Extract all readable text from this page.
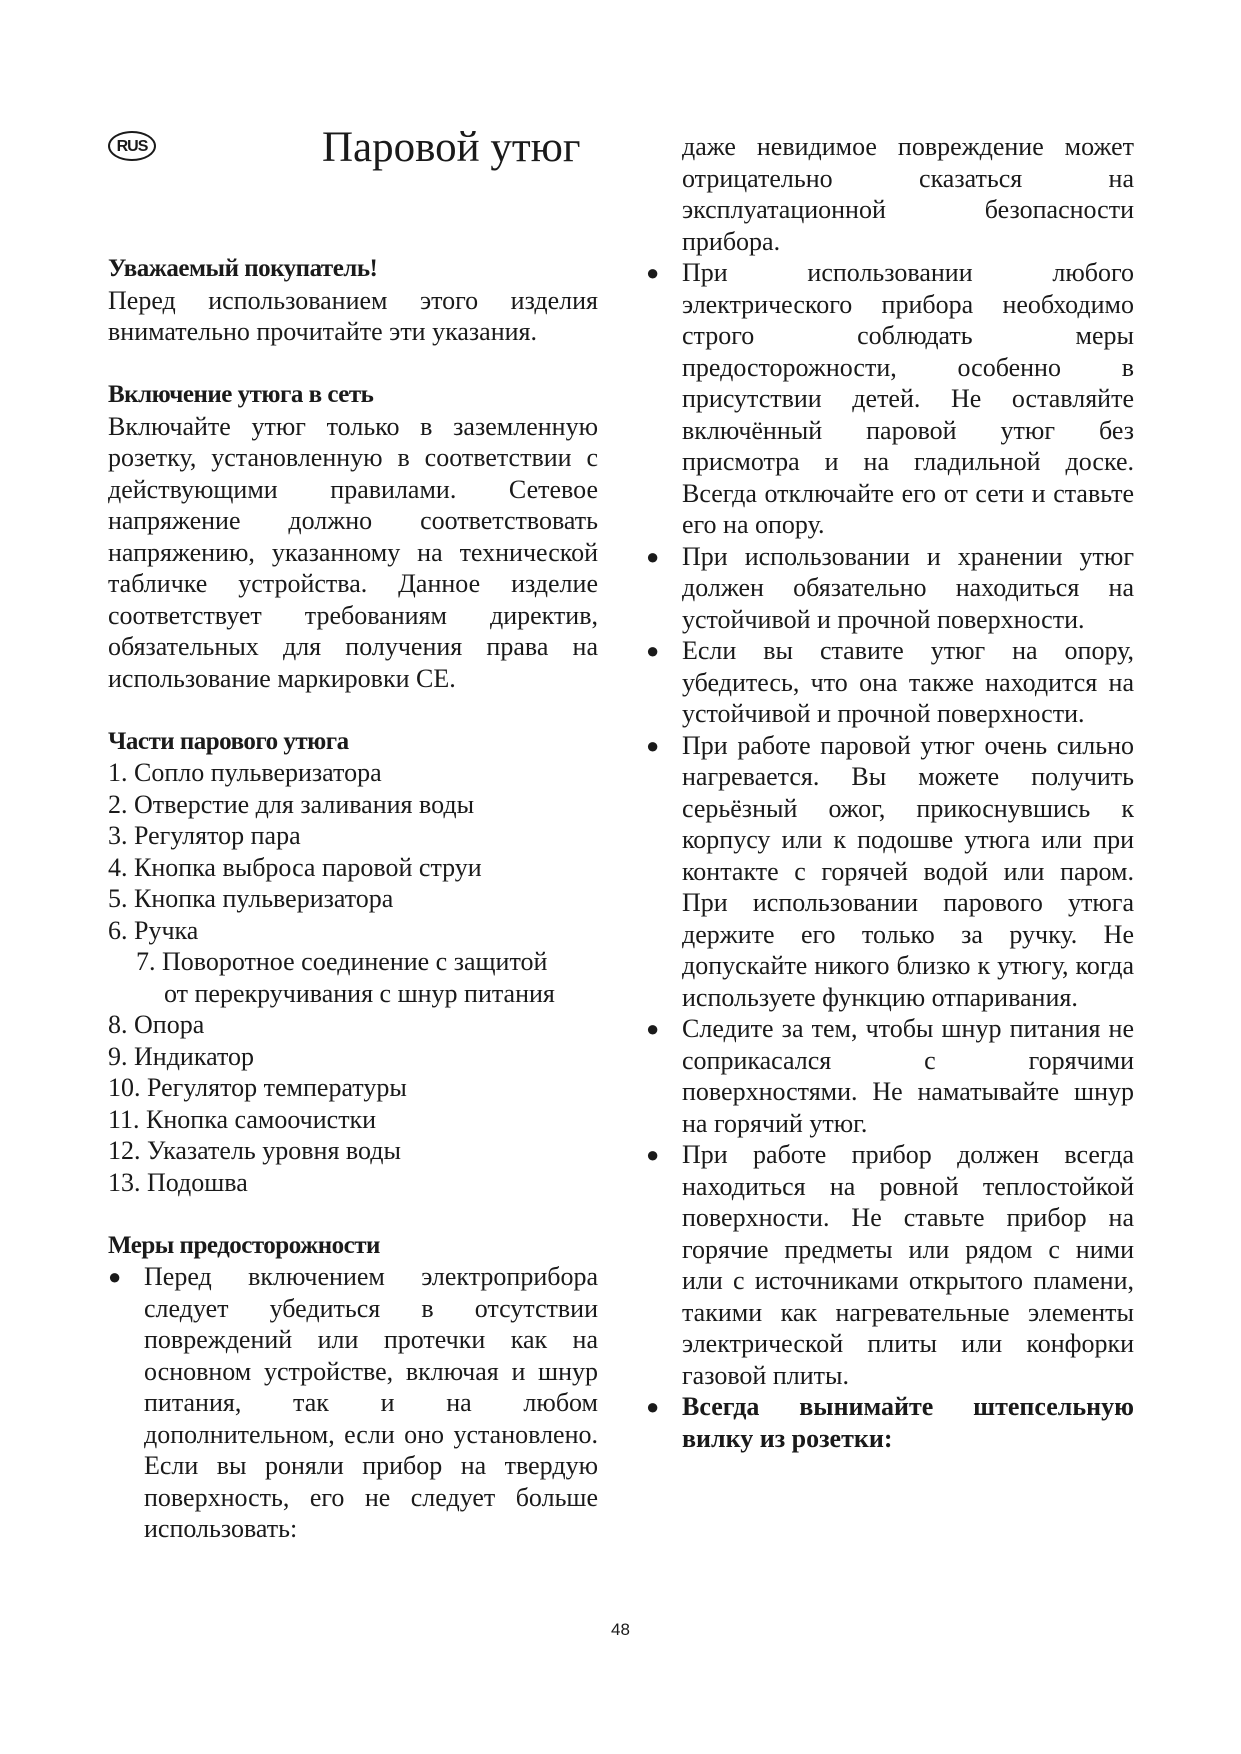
RUS	Паровой утюг

Уважаемый покупатель!

Перед использованием этого изделия внимательно прочитайте эти указания.

Включение утюга в сеть

Включайте утюг только в заземленную розетку, установленную в соответствии с действующими правилами. Сетевое напряжение должно соответствовать напряжению, указанному на технической табличке устройства. Данное изделие соответствует требованиям директив, обязательных для получения права на использование маркировки CE.

Части парового утюга

1. Сопло пульверизатора
2. Отверстие для заливания воды
3. Регулятор пара
4. Кнопка выброса паровой струи
5. Кнопка пульверизатора
6. Ручка
7. Поворотное соединение с защитой от перекручивания с шнур питания
8. Опора
9. Индикатор
10. Регулятор температуры
11. Кнопка самоочистки
12. Указатель уровня воды
13. Подошва

Меры предосторожности

● Перед включением электроприбора следует убедиться в отсутствии повреждений или протечки как на основном устройстве, включая и шнур питания, так и на любом дополнительном, если оно установлено. Если вы роняли прибор на твердую поверхность, его не следует больше использовать:

даже невидимое повреждение может отрицательно сказаться на эксплуатационной безопасности прибора.

● При использовании любого электрического прибора необходимо строго соблюдать меры предосторожности, особенно в присутствии детей. Не оставляйте включённый паровой утюг без присмотра и на гладильной доске. Всегда отключайте его от сети и ставьте его на опору.
● При использовании и хранении утюг должен обязательно находиться на устойчивой и прочной поверхности.
● Если вы ставите утюг на опору, убедитесь, что она также находится на устойчивой и прочной поверхности.
● При работе паровой утюг очень сильно нагревается. Вы можете получить серьёзный ожог, прикоснувшись к корпусу или к подошве утюга или при контакте с горячей водой или паром. При использовании парового утюга держите его только за ручку. Не допускайте никого близко к утюгу, когда используете функцию отпаривания.
● Следите за тем, чтобы шнур питания не соприкасался с горячими поверхностями. Не наматывайте шнур на горячий утюг.
● При работе прибор должен всегда находиться на ровной теплостойкой поверхности. Не ставьте прибор на горячие предметы или рядом с ними или с источниками открытого пламени, такими как нагревательные элементы электрической плиты или конфорки газовой плиты.
● Всегда вынимайте штепсельную вилку из розетки:
48
